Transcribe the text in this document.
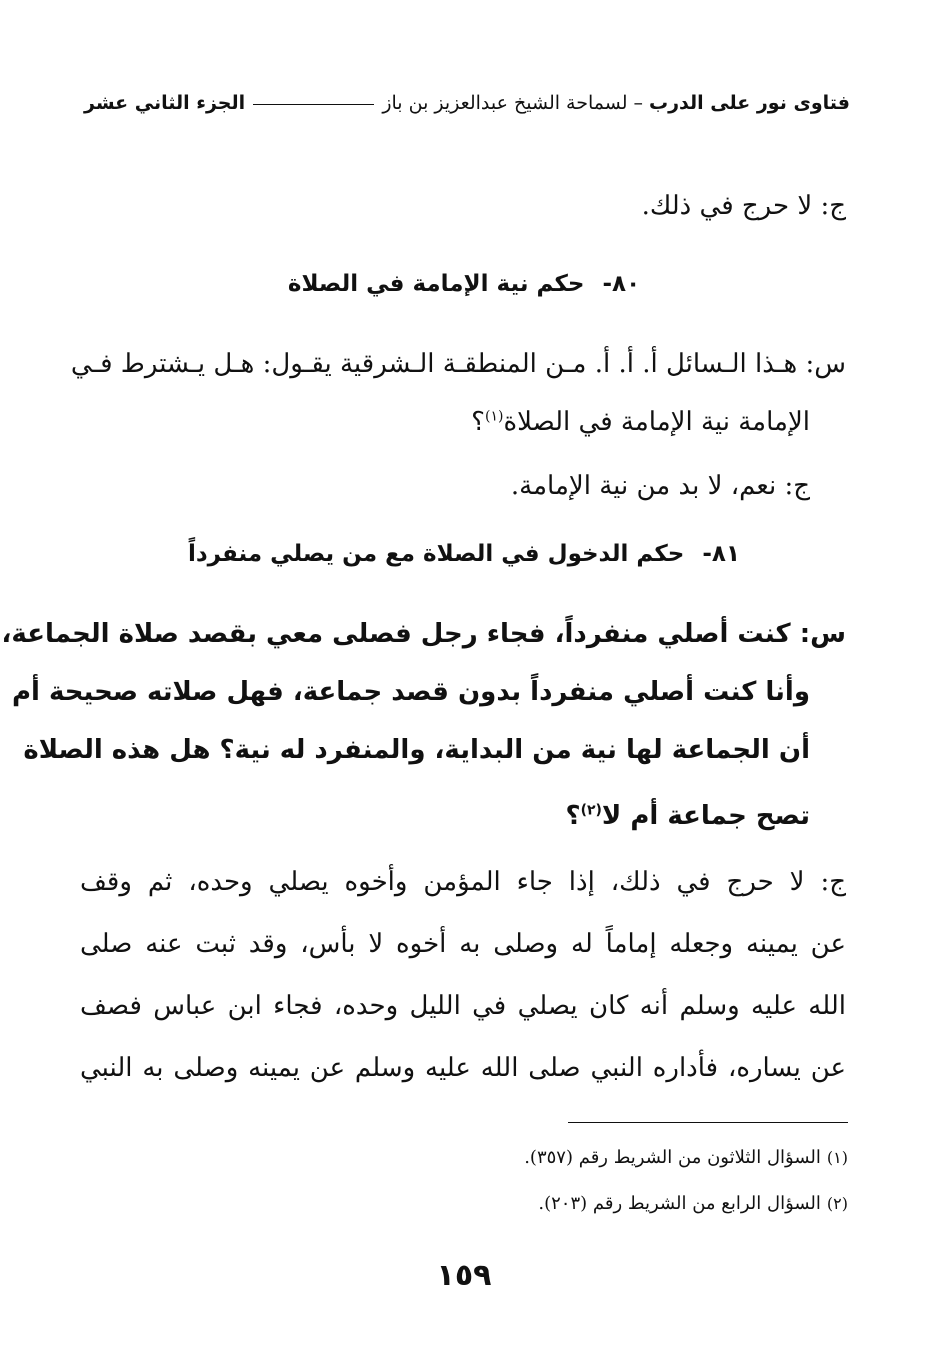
فتاوى نور على الدرب
–
لسماحة الشيخ عبدالعزيز بن باز
الجزء الثاني عشر
ج: لا حرج في ذلك.
٨٠-حكم نية الإمامة في الصلاة
س: هـذا الـسائل أ. أ. أ. مـن المنطقـة الـشرقية يقـول: هـل يـشترط فـي
الإمامة نية الإمامة في الصلاة$^{(١)}$؟
ج: نعم، لا بد من نية الإمامة.
٨١-حكم الدخول في الصلاة مع من يصلي منفرداً
س: كنت أصلي منفرداً، فجاء رجل فصلى معي بقصد صلاة الجماعة،
وأنا كنت أصلي منفرداً بدون قصد جماعة، فهل صلاته صحيحة أم
أن الجماعة لها نية من البداية، والمنفرد له نية؟ هل هذه الصلاة
تصح جماعة أم لا$^{(٢)}$؟
ج: لا حرج في ذلك، إذا جاء المؤمن وأخوه يصلي وحده، ثم وقف
عن يمينه وجعله إماماً له وصلى به أخوه لا بأس، وقد ثبت عنه صلى
الله عليه وسلم أنه كان يصلي في الليل وحده، فجاء ابن عباس فصف
عن يساره، فأداره النبي صلى الله عليه وسلم عن يمينه وصلى به النبي
(١)السؤال الثلاثون من الشريط رقم (٣٥٧).
(٢)السؤال الرابع من الشريط رقم (٢٠٣).
١٥٩
